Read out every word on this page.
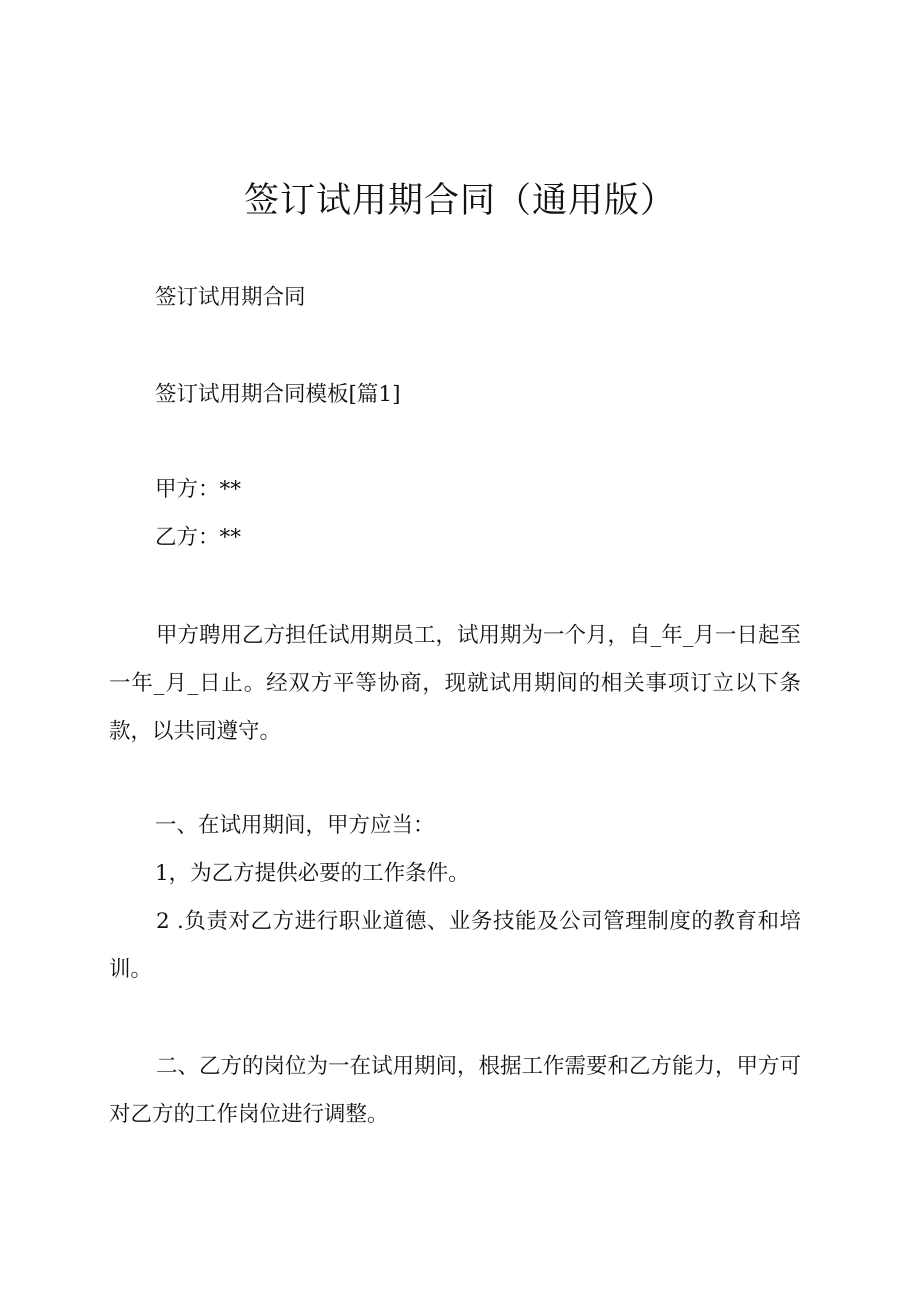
签订试用期合同（通用版）

签订试用期合同

签订试用期合同模板[篇1]

甲方：**

乙方：**

甲方聘用乙方担任试用期员工，试用期为一个月，自_年_月一日起至一年_月_日止。经双方平等协商，现就试用期间的相关事项订立以下条款，以共同遵守。

一、在试用期间，甲方应当：

1，为乙方提供必要的工作条件。

2 .负责对乙方进行职业道德、业务技能及公司管理制度的教育和培训。

二、乙方的岗位为一在试用期间，根据工作需要和乙方能力，甲方可对乙方的工作岗位进行调整。
